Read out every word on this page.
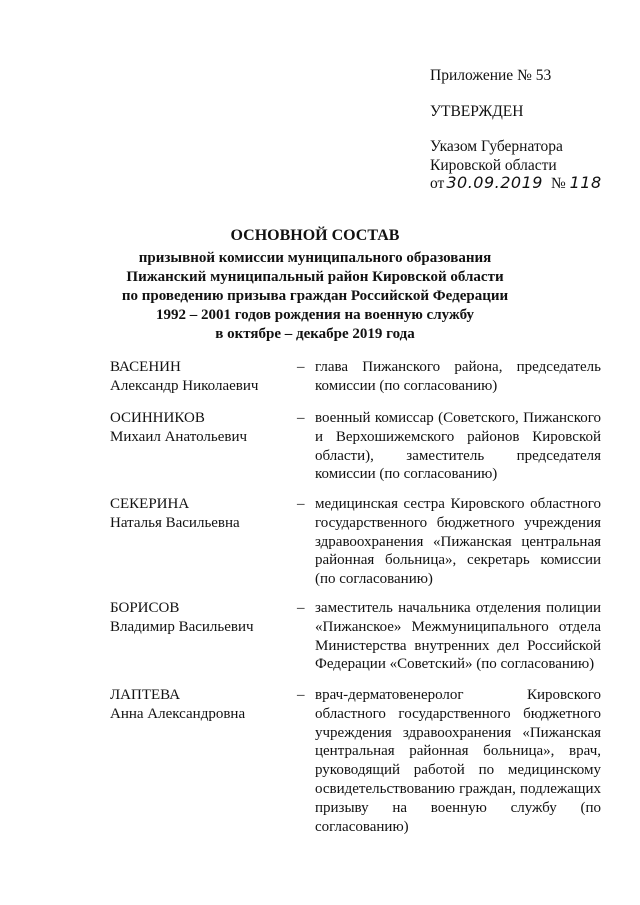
Приложение № 53
УТВЕРЖДЕН
Указом Губернатора
Кировской области
от 30.09.2019 № 118
ОСНОВНОЙ СОСТАВ
призывной комиссии муниципального образования
Пижанский муниципальный район Кировской области
по проведению призыва граждан Российской Федерации
1992 – 2001 годов рождения на военную службу
в октябре – декабре 2019 года
ВАСЕНИН
Александр Николаевич
– глава Пижанского района, председатель комиссии (по согласованию)
ОСИННИКОВ
Михаил Анатольевич
– военный комиссар (Советского, Пижанского и Верхошижемского районов Кировской области), заместитель председателя комиссии (по согласованию)
СЕКЕРИНА
Наталья Васильевна
– медицинская сестра Кировского областного государственного бюджетного учреждения здравоохранения «Пижанская центральная районная больница», секретарь комиссии (по согласованию)
БОРИСОВ
Владимир Васильевич
– заместитель начальника отделения полиции «Пижанское» Межмуниципального отдела Министерства внутренних дел Российской Федерации «Советский» (по согласованию)
ЛАПТЕВА
Анна Александровна
– врач-дерматовенеролог Кировского областного государственного бюджетного учреждения здравоохранения «Пижанская центральная районная больница», врач, руководящий работой по медицинскому освидетельствованию граждан, подлежащих призыву на военную службу (по согласованию)
